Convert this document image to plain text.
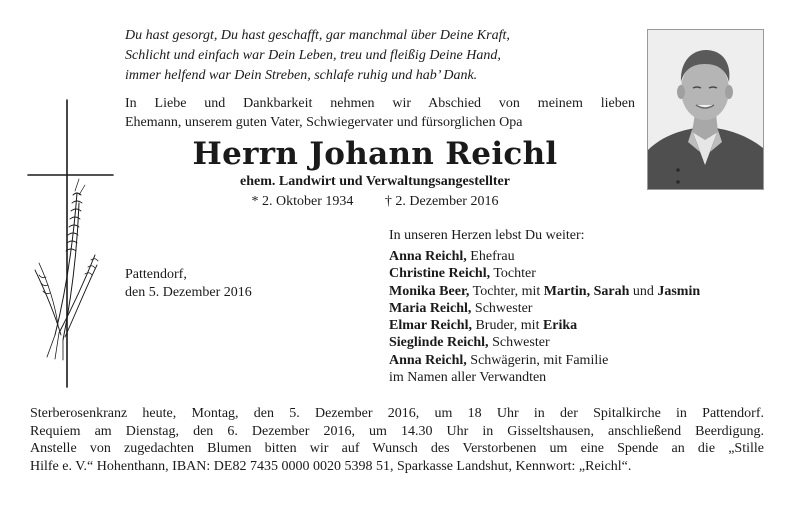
Du hast gesorgt, Du hast geschafft, gar manchmal über Deine Kraft,
Schlicht und einfach war Dein Leben, treu und fleißig Deine Hand,
immer helfend war Dein Streben, schlafe ruhig und hab’ Dank.
In Liebe und Dankbarkeit nehmen wir Abschied von meinem lieben
Ehemann, unserem guten Vater, Schwiegervater und fürsorglichen Opa
Herrn Johann Reichl
ehem. Landwirt und Verwaltungsangestellter
* 2. Oktober 1934 † 2. Dezember 2016
Pattendorf,
den 5. Dezember 2016
In unseren Herzen lebst Du weiter:
Anna Reichl, Ehefrau
Christine Reichl, Tochter
Monika Beer, Tochter, mit Martin, Sarah und Jasmin
Maria Reichl, Schwester
Elmar Reichl, Bruder, mit Erika
Sieglinde Reichl, Schwester
Anna Reichl, Schwägerin, mit Familie
im Namen aller Verwandten
Sterberosenkranz heute, Montag, den 5. Dezember 2016, um 18 Uhr in der Spitalkirche in Pattendorf.
Requiem am Dienstag, den 6. Dezember 2016, um 14.30 Uhr in Gisseltshausen, anschließend Beerdigung.
Anstelle von zugedachten Blumen bitten wir auf Wunsch des Verstorbenen um eine Spende an die „Stille
Hilfe e. V.“ Hohenthann, IBAN: DE82 7435 0000 0020 5398 51, Sparkasse Landshut, Kennwort: „Reichl“.
